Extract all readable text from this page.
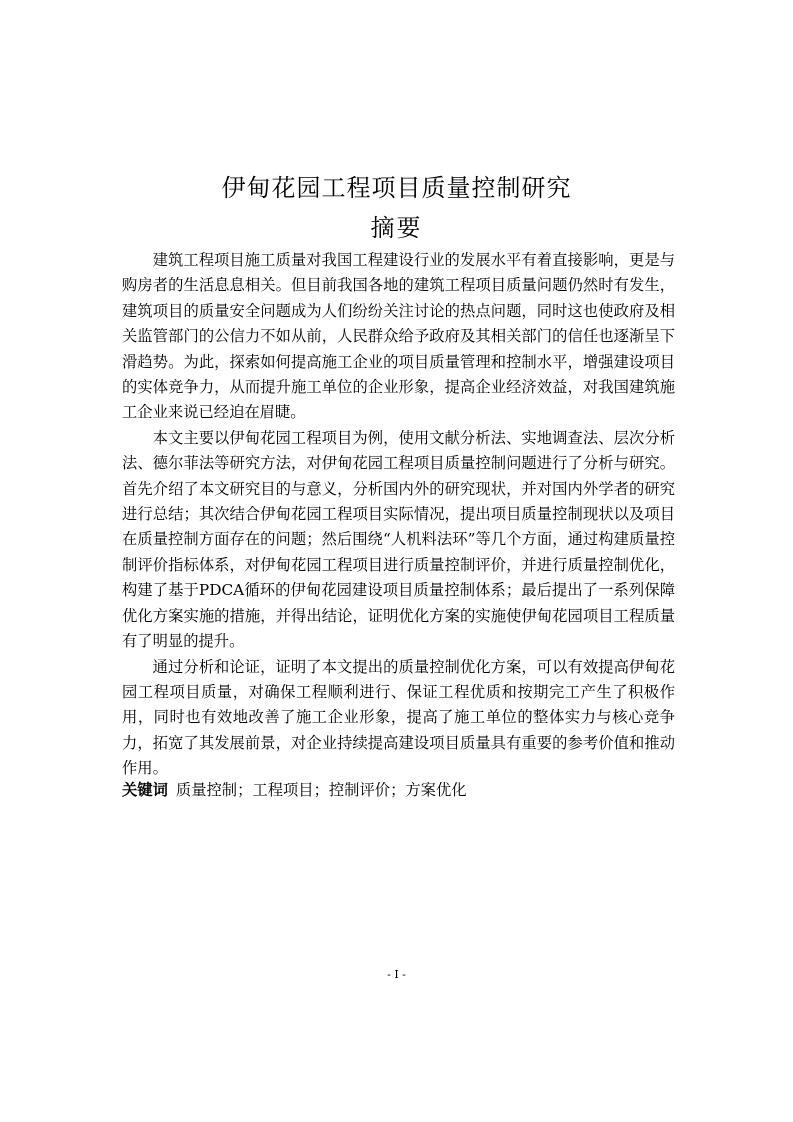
伊甸花园工程项目质量控制研究
摘要

建筑工程项目施工质量对我国工程建设行业的发展水平有着直接影响，更是与购房者的生活息息相关。但目前我国各地的建筑工程项目质量问题仍然时有发生，建筑项目的质量安全问题成为人们纷纷关注讨论的热点问题，同时这也使政府及相关监管部门的公信力不如从前，人民群众给予政府及其相关部门的信任也逐渐呈下滑趋势。为此，探索如何提高施工企业的项目质量管理和控制水平，增强建设项目的实体竞争力，从而提升施工单位的企业形象，提高企业经济效益，对我国建筑施工企业来说已经迫在眉睫。

本文主要以伊甸花园工程项目为例，使用文献分析法、实地调查法、层次分析法、德尔菲法等研究方法，对伊甸花园工程项目质量控制问题进行了分析与研究。首先介绍了本文研究目的与意义，分析国内外的研究现状，并对国内外学者的研究进行总结；其次结合伊甸花园工程项目实际情况，提出项目质量控制现状以及项目在质量控制方面存在的问题；然后围绕“人机料法环”等几个方面，通过构建质量控制评价指标体系，对伊甸花园工程项目进行质量控制评价，并进行质量控制优化，构建了基于PDCA循环的伊甸花园建设项目质量控制体系；最后提出了一系列保障优化方案实施的措施，并得出结论，证明优化方案的实施使伊甸花园项目工程质量有了明显的提升。

通过分析和论证，证明了本文提出的质量控制优化方案，可以有效提高伊甸花园工程项目质量，对确保工程顺利进行、保证工程优质和按期完工产生了积极作用，同时也有效地改善了施工企业形象，提高了施工单位的整体实力与核心竞争力，拓宽了其发展前景，对企业持续提高建设项目质量具有重要的参考价值和推动作用。

关键词 质量控制；工程项目；控制评价；方案优化
- I -
